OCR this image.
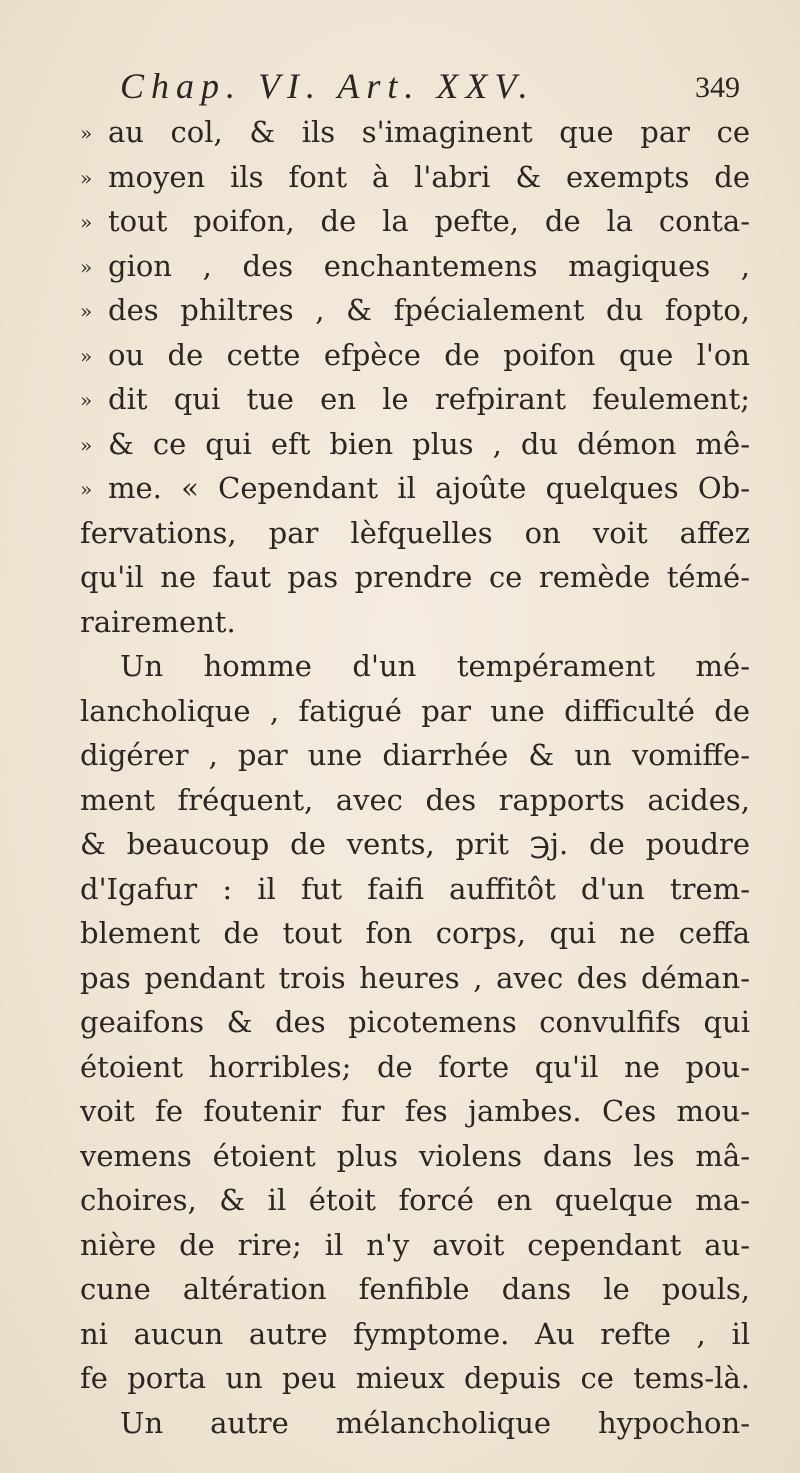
Chap. VI. Art. XXV.	349
» au col, & ils s'imaginent que par ce
» moyen ils font à l'abri & exempts de
» tout poifon, de la pefte, de la conta-
» gion , des enchantemens magiques ,
» des philtres , & fpécialement du fopto,
» ou de cette efpèce de poifon que l'on
» dit qui tue en le refpirant feulement;
» & ce qui eft bien plus , du démon mê-
» me. « Cependant il ajoûte quelques Ob-
fervations, par lèfquelles on voit affez
qu'il ne faut pas prendre ce remède témé-
rairement.
Un homme d'un tempérament mé-
lancholique , fatigué par une difficulté de
digérer , par une diarrhée & un vomiffe-
ment fréquent, avec des rapports acides,
& beaucoup de vents, prit ℈j. de poudre
d'Igafur : il fut faifi auffitôt d'un trem-
blement de tout fon corps, qui ne ceffa
pas pendant trois heures , avec des déman-
geaifons & des picotemens convulfifs qui
étoient horribles; de forte qu'il ne pou-
voit fe foutenir fur fes jambes. Ces mou-
vemens étoient plus violens dans les mâ-
choires, & il étoit forcé en quelque ma-
nière de rire; il n'y avoit cependant au-
cune altération fenfible dans le pouls,
ni aucun autre fymptome. Au refte , il
fe porta un peu mieux depuis ce tems-là.
Un autre mélancholique hypochon-
